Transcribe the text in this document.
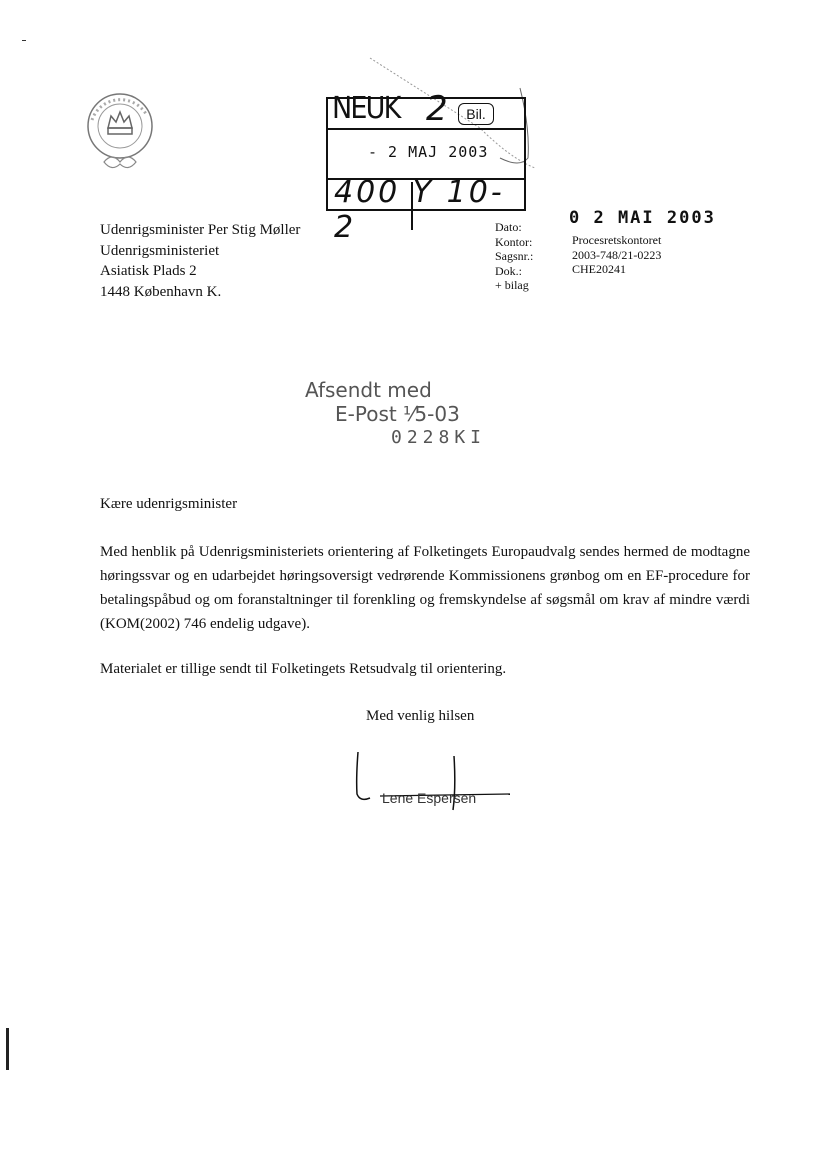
NEUK 2	Bil.
- 2 MAJ 2003
400 Y 10- 2
Udenrigsminister Per Stig Møller
Udenrigsministeriet
Asiatisk Plads 2
1448 København K.
0 2 MAI 2003
Dato:
Kontor:
Sagsnr.:
Dok.:
+ bilag
Procesretskontoret
2003-748/21-0223
CHE20241
Afsendt med
E-Post ⅟5-03
0228KI
Kære udenrigsminister
Med henblik på Udenrigsministeriets orientering af Folketingets Europaudvalg sendes hermed de modtagne høringssvar og en udarbejdet høringsoversigt vedrørende Kommissionens grønbog om en EF-procedure for betalingspåbud og om foranstaltninger til forenkling og fremskyndelse af søgsmål om krav af mindre værdi (KOM(2002) 746 endelig udgave).
Materialet er tillige sendt til Folketingets Retsudvalg til orientering.
Med venlig hilsen
Lene Espersen
